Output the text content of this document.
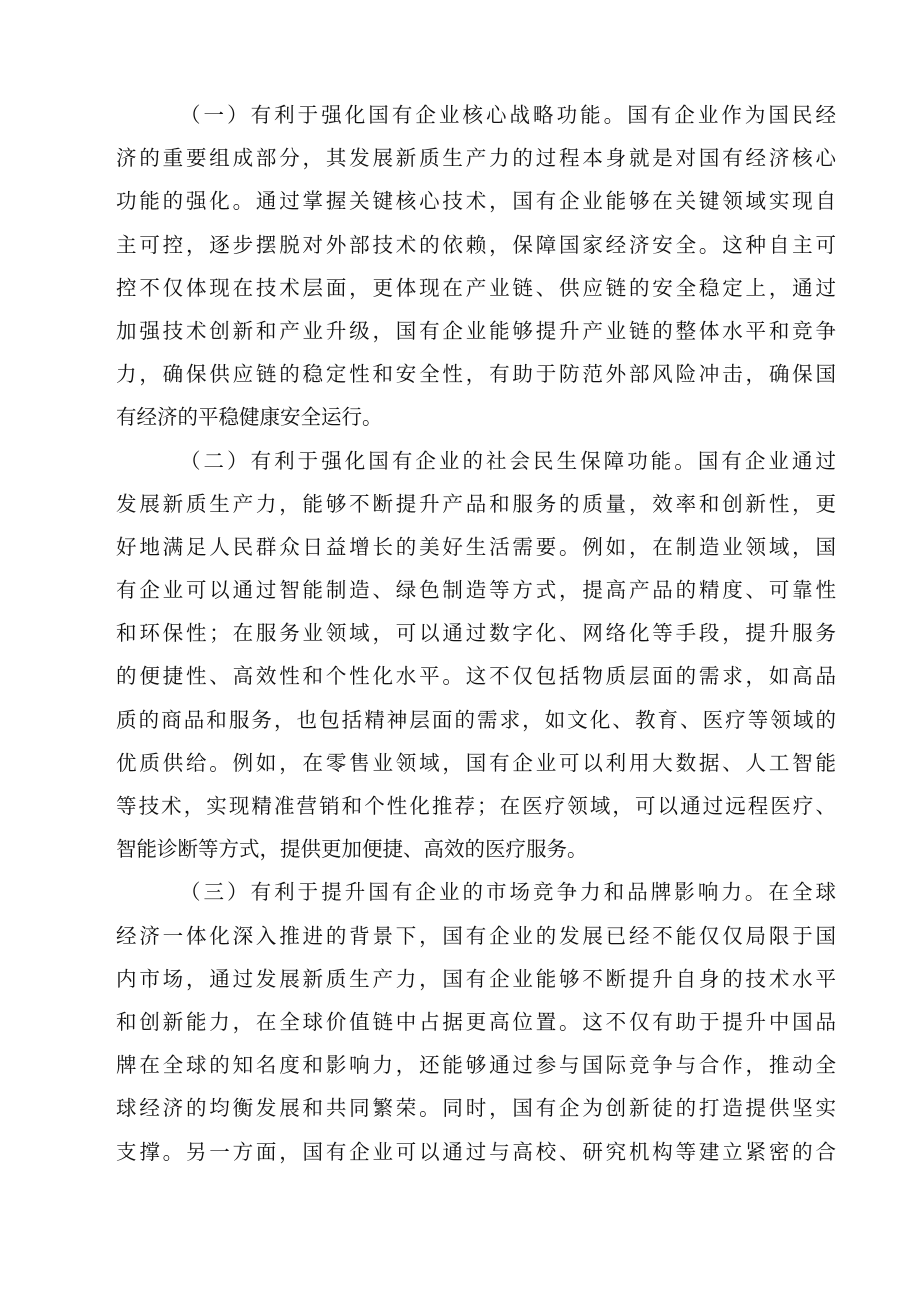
（一）有利于强化国有企业核心战略功能。国有企业作为国民经
济的重要组成部分，其发展新质生产力的过程本身就是对国有经济核心
功能的强化。通过掌握关键核心技术，国有企业能够在关键领域实现自
主可控，逐步摆脱对外部技术的依赖，保障国家经济安全。这种自主可
控不仅体现在技术层面，更体现在产业链、供应链的安全稳定上，通过
加强技术创新和产业升级，国有企业能够提升产业链的整体水平和竞争
力，确保供应链的稳定性和安全性，有助于防范外部风险冲击，确保国
有经济的平稳健康安全运行。
（二）有利于强化国有企业的社会民生保障功能。国有企业通过
发展新质生产力，能够不断提升产品和服务的质量，效率和创新性，更
好地满足人民群众日益增长的美好生活需要。例如，在制造业领域，国
有企业可以通过智能制造、绿色制造等方式，提高产品的精度、可靠性
和环保性；在服务业领域，可以通过数字化、网络化等手段，提升服务
的便捷性、高效性和个性化水平。这不仅包括物质层面的需求，如高品
质的商品和服务，也包括精神层面的需求，如文化、教育、医疗等领域的
优质供给。例如，在零售业领域，国有企业可以利用大数据、人工智能
等技术，实现精准营销和个性化推荐；在医疗领域，可以通过远程医疗、
智能诊断等方式，提供更加便捷、高效的医疗服务。
（三）有利于提升国有企业的市场竞争力和品牌影响力。在全球
经济一体化深入推进的背景下，国有企业的发展已经不能仅仅局限于国
内市场，通过发展新质生产力，国有企业能够不断提升自身的技术水平
和创新能力，在全球价值链中占据更高位置。这不仅有助于提升中国品
牌在全球的知名度和影响力，还能够通过参与国际竞争与合作，推动全
球经济的均衡发展和共同繁荣。同时，国有企为创新徒的打造提供坚实
支撑。另一方面，国有企业可以通过与高校、研究机构等建立紧密的合
